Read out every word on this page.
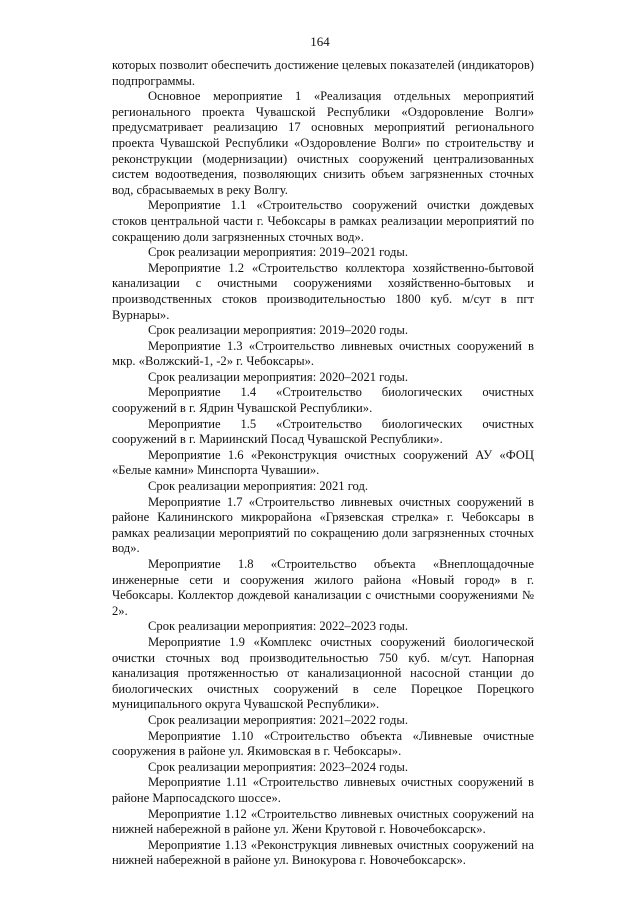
164

которых позволит обеспечить достижение целевых показателей (индикаторов) подпрограммы.

Основное мероприятие 1 «Реализация отдельных мероприятий регионального проекта Чувашской Республики «Оздоровление Волги» предусматривает реализацию 17 основных мероприятий регионального проекта Чувашской Республики «Оздоровление Волги» по строительству и реконструкции (модернизации) очистных сооружений централизованных систем водоотведения, позволяющих снизить объем загрязненных сточных вод, сбрасываемых в реку Волгу.

Мероприятие 1.1 «Строительство сооружений очистки дождевых стоков центральной части г. Чебоксары в рамках реализации мероприятий по сокращению доли загрязненных сточных вод».

Срок реализации мероприятия: 2019–2021 годы.

Мероприятие 1.2 «Строительство коллектора хозяйственно-бытовой канализации с очистными сооружениями хозяйственно-бытовых и производственных стоков производительностью 1800 куб. м/сут в пгт Вурнары».

Срок реализации мероприятия: 2019–2020 годы.

Мероприятие 1.3 «Строительство ливневых очистных сооружений в мкр. «Волжский-1, -2» г. Чебоксары».

Срок реализации мероприятия: 2020–2021 годы.

Мероприятие 1.4 «Строительство биологических очистных сооружений в г. Ядрин Чувашской Республики».

Мероприятие 1.5 «Строительство биологических очистных сооружений в г. Мариинский Посад Чувашской Республики».

Мероприятие 1.6 «Реконструкция очистных сооружений АУ «ФОЦ «Белые камни» Минспорта Чувашии».

Срок реализации мероприятия: 2021 год.

Мероприятие 1.7 «Строительство ливневых очистных сооружений в районе Калининского микрорайона «Грязевская стрелка» г. Чебоксары в рамках реализации мероприятий по сокращению доли загрязненных сточных вод».

Мероприятие 1.8 «Строительство объекта «Внеплощадочные инженерные сети и сооружения жилого района «Новый город» в г. Чебоксары. Коллектор дождевой канализации с очистными сооружениями № 2».

Срок реализации мероприятия: 2022–2023 годы.

Мероприятие 1.9 «Комплекс очистных сооружений биологической очистки сточных вод производительностью 750 куб. м/сут. Напорная канализация протяженностью от канализационной насосной станции до биологических очистных сооружений в селе Порецкое Порецкого муниципального округа Чувашской Республики».

Срок реализации мероприятия: 2021–2022 годы.

Мероприятие 1.10 «Строительство объекта «Ливневые очистные сооружения в районе ул. Якимовская в г. Чебоксары».

Срок реализации мероприятия: 2023–2024 годы.

Мероприятие 1.11 «Строительство ливневых очистных сооружений в районе Марпосадского шоссе».

Мероприятие 1.12 «Строительство ливневых очистных сооружений на нижней набережной в районе ул. Жени Крутовой г. Новочебоксарск».

Мероприятие 1.13 «Реконструкция ливневых очистных сооружений на нижней набережной в районе ул. Винокурова г. Новочебоксарск».
